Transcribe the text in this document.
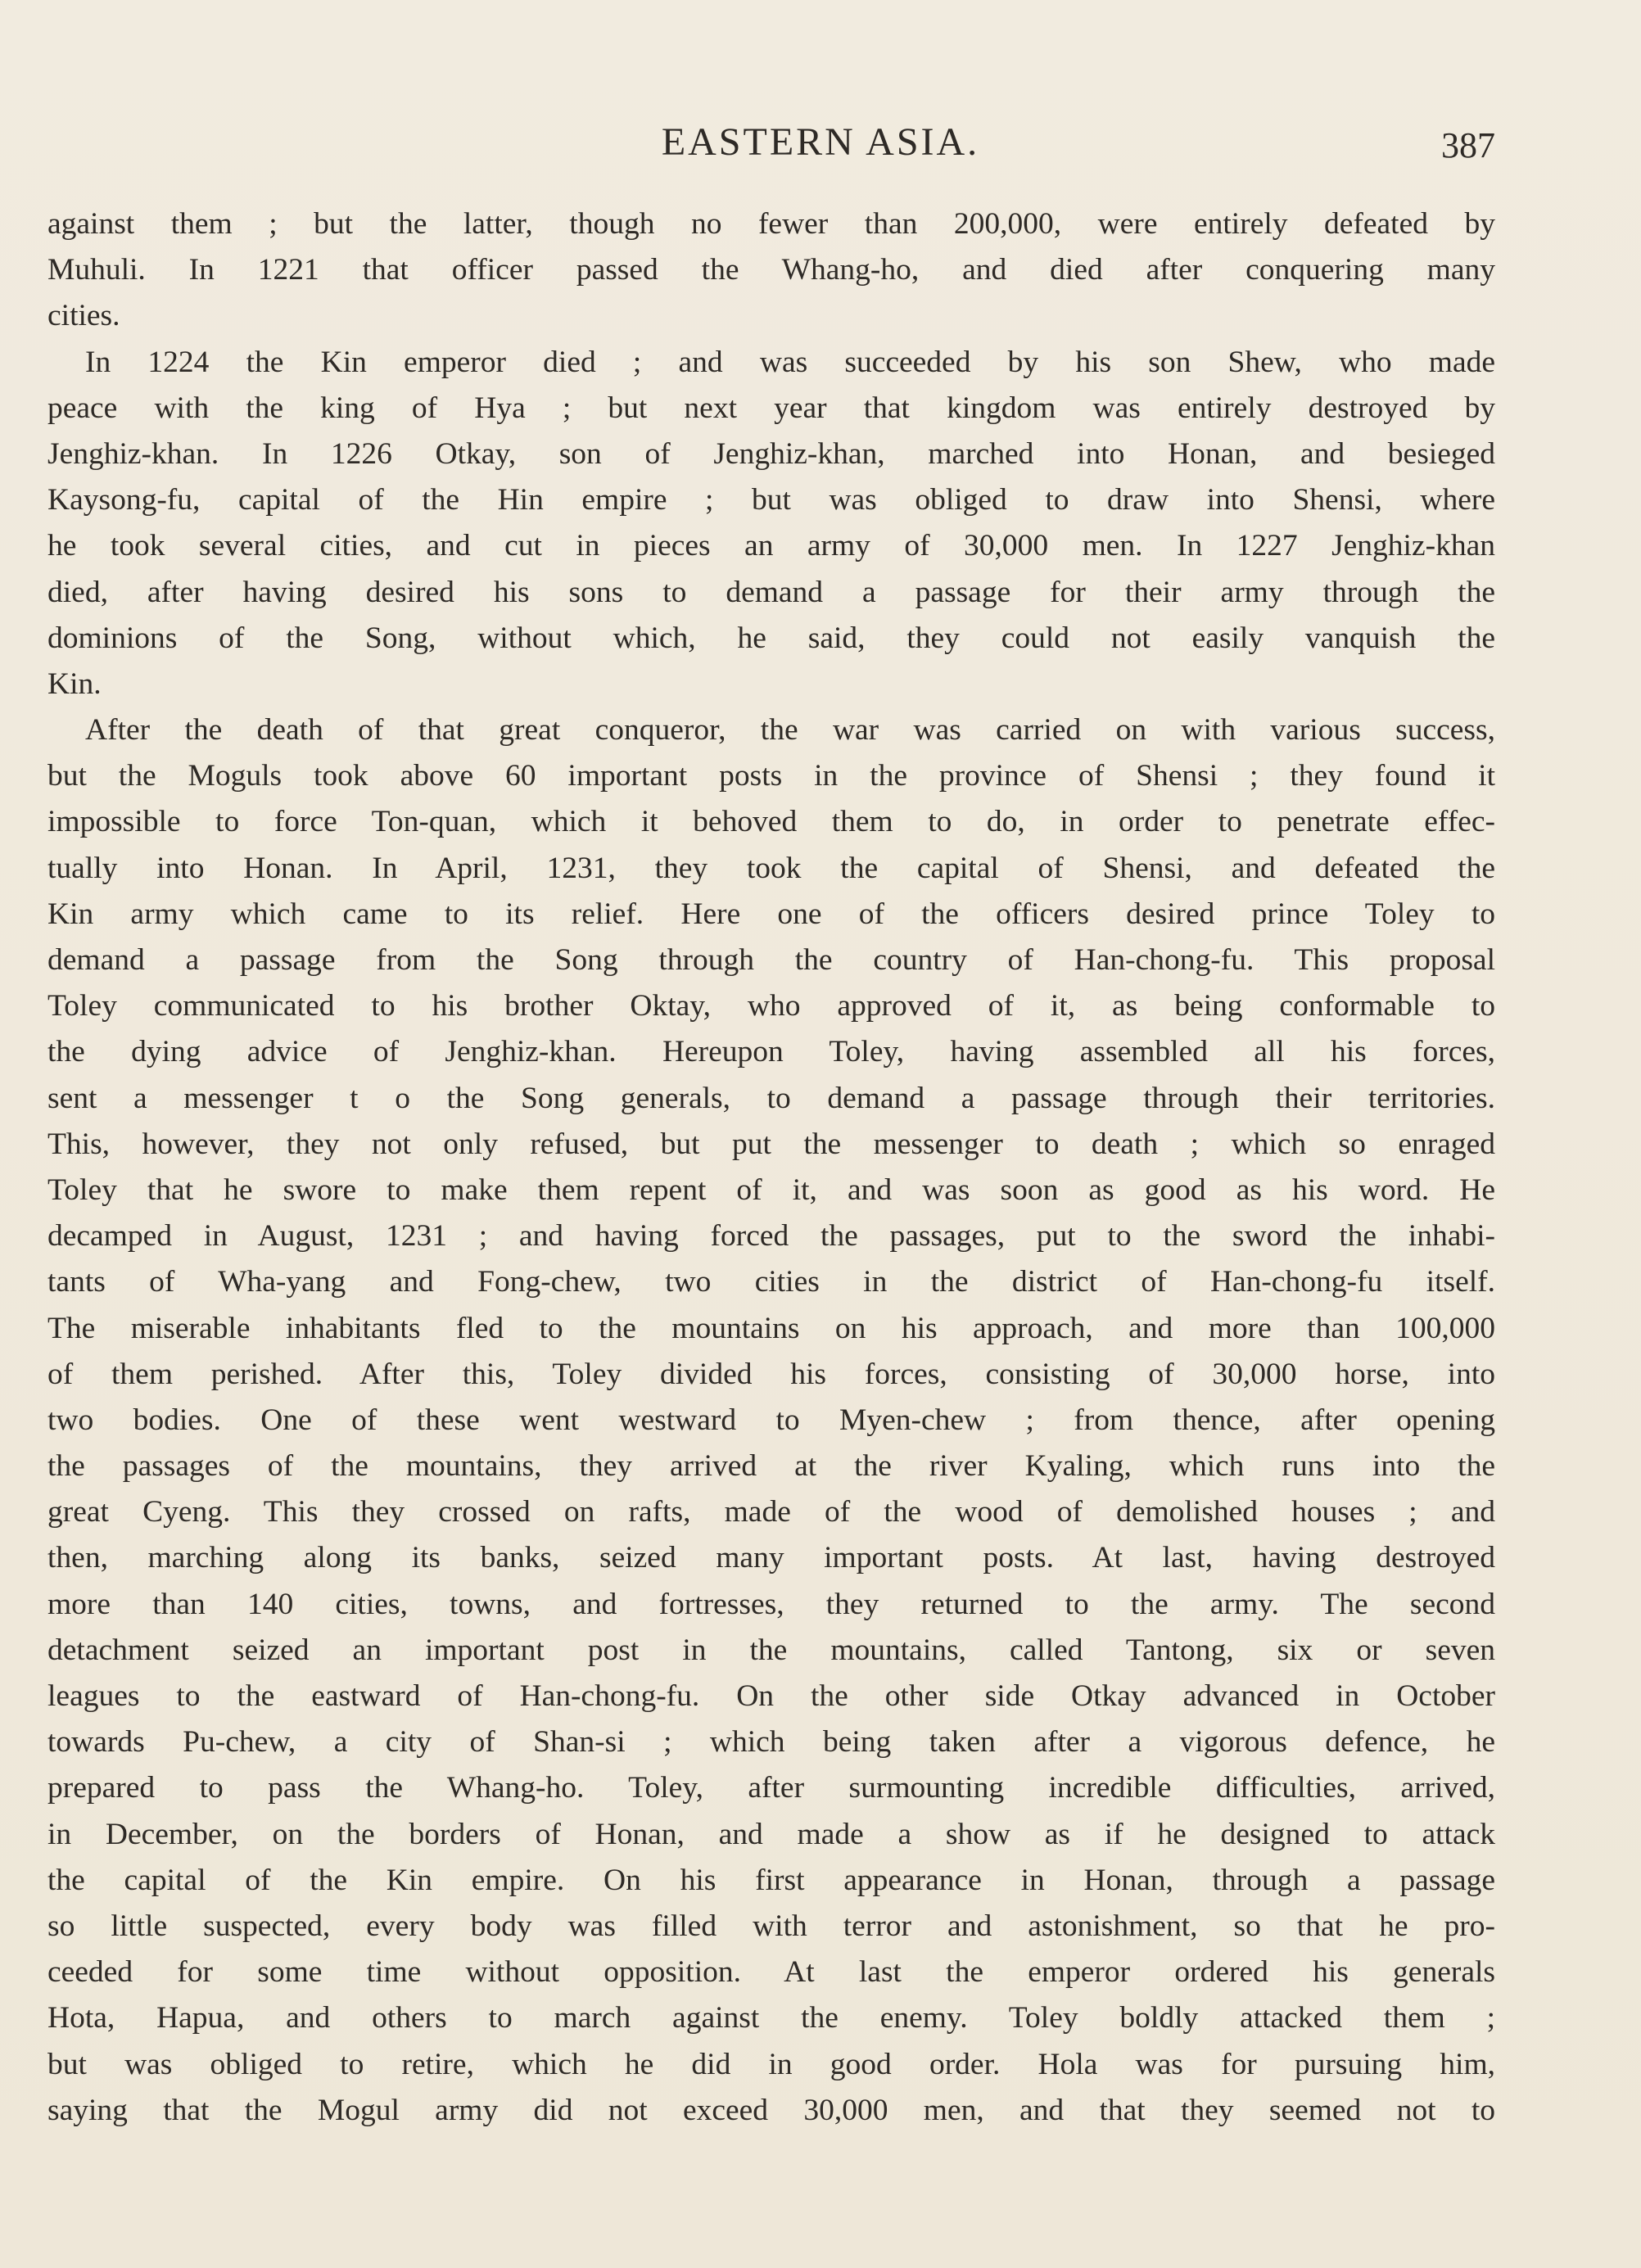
EASTERN ASIA.	387
against them ; but the latter, though no fewer than 200,000, were entirely defeated by
Muhuli. In 1221 that officer passed the Whang-ho, and died after conquering many
cities.
In 1224 the Kin emperor died ; and was succeeded by his son Shew, who made
peace with the king of Hya ; but next year that kingdom was entirely destroyed by
Jenghiz-khan. In 1226 Otkay, son of Jenghiz-khan, marched into Honan, and besieged
Kaysong-fu, capital of the Hin empire ; but was obliged to draw into Shensi, where
he took several cities, and cut in pieces an army of 30,000 men. In 1227 Jenghiz-khan
died, after having desired his sons to demand a passage for their army through the
dominions of the Song, without which, he said, they could not easily vanquish the
Kin.
After the death of that great conqueror, the war was carried on with various success,
but the Moguls took above 60 important posts in the province of Shensi ; they found it
impossible to force Ton-quan, which it behoved them to do, in order to penetrate effec-
tually into Honan. In April, 1231, they took the capital of Shensi, and defeated the
Kin army which came to its relief. Here one of the officers desired prince Toley to
demand a passage from the Song through the country of Han-chong-fu. This proposal
Toley communicated to his brother Oktay, who approved of it, as being conformable to
the dying advice of Jenghiz-khan. Hereupon Toley, having assembled all his forces,
sent a messenger t o the Song generals, to demand a passage through their territories.
This, however, they not only refused, but put the messenger to death ; which so enraged
Toley that he swore to make them repent of it, and was soon as good as his word. He
decamped in August, 1231 ; and having forced the passages, put to the sword the inhabi-
tants of Wha-yang and Fong-chew, two cities in the district of Han-chong-fu itself.
The miserable inhabitants fled to the mountains on his approach, and more than 100,000
of them perished. After this, Toley divided his forces, consisting of 30,000 horse, into
two bodies. One of these went westward to Myen-chew ; from thence, after opening
the passages of the mountains, they arrived at the river Kyaling, which runs into the
great Cyeng. This they crossed on rafts, made of the wood of demolished houses ; and
then, marching along its banks, seized many important posts. At last, having destroyed
more than 140 cities, towns, and fortresses, they returned to the army. The second
detachment seized an important post in the mountains, called Tantong, six or seven
leagues to the eastward of Han-chong-fu. On the other side Otkay advanced in October
towards Pu-chew, a city of Shan-si ; which being taken after a vigorous defence, he
prepared to pass the Whang-ho. Toley, after surmounting incredible difficulties, arrived,
in December, on the borders of Honan, and made a show as if he designed to attack
the capital of the Kin empire. On his first appearance in Honan, through a passage
so little suspected, every body was filled with terror and astonishment, so that he pro-
ceeded for some time without opposition. At last the emperor ordered his generals
Hota, Hapua, and others to march against the enemy. Toley boldly attacked them ;
but was obliged to retire, which he did in good order. Hola was for pursuing him,
saying that the Mogul army did not exceed 30,000 men, and that they seemed not to
